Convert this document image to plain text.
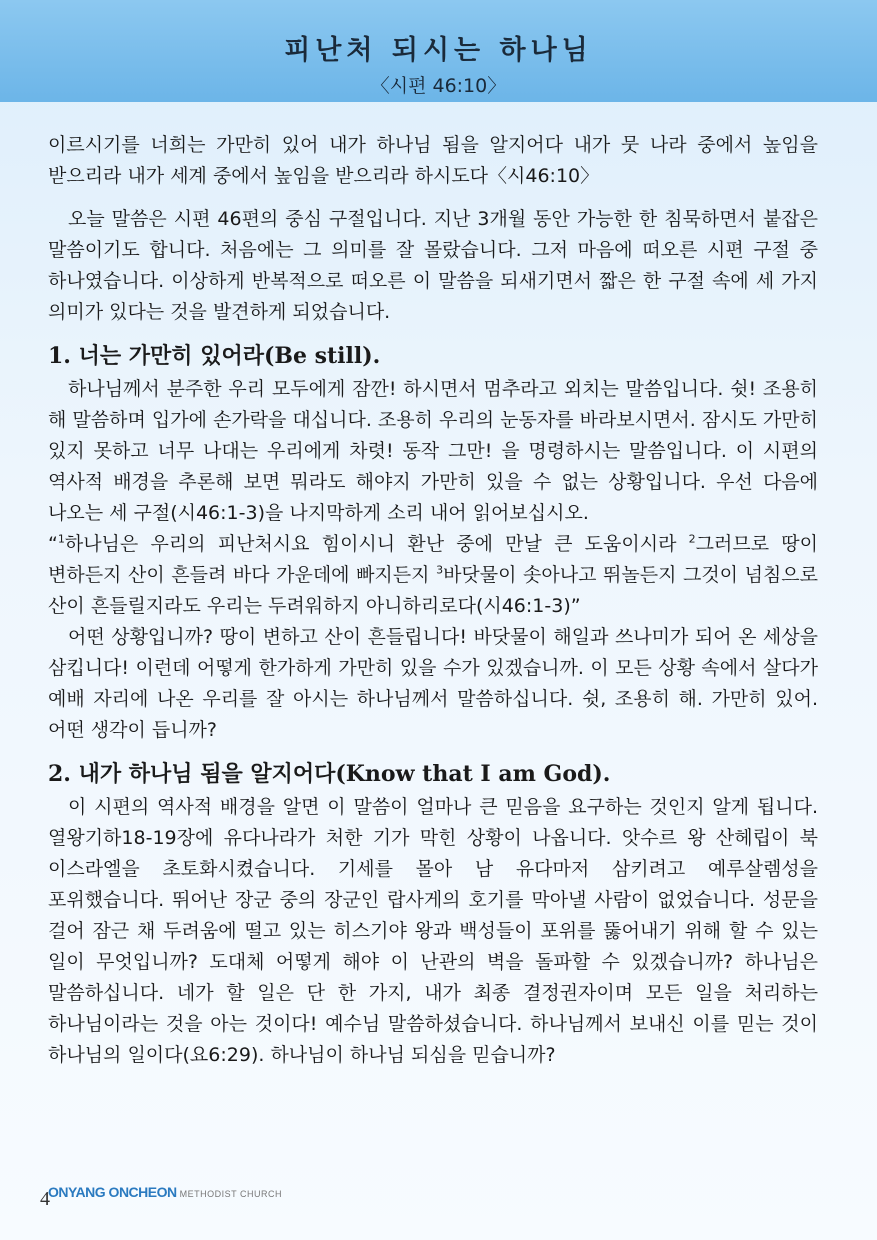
피난처 되시는 하나님
〈시편 46:10〉

이르시기를 너희는 가만히 있어 내가 하나님 됨을 알지어다 내가 뭇 나라 중에서 높임을 받으리라 내가 세계 중에서 높임을 받으리라 하시도다〈시46:10〉

오늘 말씀은 시편 46편의 중심 구절입니다. 지난 3개월 동안 가능한 한 침묵하면서 붙잡은 말씀이기도 합니다. 처음에는 그 의미를 잘 몰랐습니다. 그저 마음에 떠오른 시편 구절 중 하나였습니다. 이상하게 반복적으로 떠오른 이 말씀을 되새기면서 짧은 한 구절 속에 세 가지 의미가 있다는 것을 발견하게 되었습니다.

1. 너는 가만히 있어라(Be still).

하나님께서 분주한 우리 모두에게 잠깐! 하시면서 멈추라고 외치는 말씀입니다. 쉿! 조용히 해 말씀하며 입가에 손가락을 대십니다. 조용히 우리의 눈동자를 바라보시면서. 잠시도 가만히 있지 못하고 너무 나대는 우리에게 차렷! 동작 그만! 을 명령하시는 말씀입니다. 이 시편의 역사적 배경을 추론해 보면 뭐라도 해야지 가만히 있을 수 없는 상황입니다. 우선 다음에 나오는 세 구절(시46:1-3)을 나지막하게 소리 내어 읽어보십시오.

“$^1$하나님은 우리의 피난처시요 힘이시니 환난 중에 만날 큰 도움이시라 $^2$그러므로 땅이 변하든지 산이 흔들려 바다 가운데에 빠지든지 $^3$바닷물이 솟아나고 뛰놀든지 그것이 넘침으로 산이 흔들릴지라도 우리는 두려워하지 아니하리로다(시46:1-3)”

어떤 상황입니까? 땅이 변하고 산이 흔들립니다! 바닷물이 해일과 쓰나미가 되어 온 세상을 삼킵니다! 이런데 어떻게 한가하게 가만히 있을 수가 있겠습니까. 이 모든 상황 속에서 살다가 예배 자리에 나온 우리를 잘 아시는 하나님께서 말씀하십니다. 쉿, 조용히 해. 가만히 있어. 어떤 생각이 듭니까?

2. 내가 하나님 됨을 알지어다(Know that I am God).

이 시편의 역사적 배경을 알면 이 말씀이 얼마나 큰 믿음을 요구하는 것인지 알게 됩니다. 열왕기하18-19장에 유다나라가 처한 기가 막힌 상황이 나옵니다. 앗수르 왕 산헤립이 북 이스라엘을 초토화시켰습니다. 기세를 몰아 남 유다마저 삼키려고 예루살렘성을 포위했습니다. 뛰어난 장군 중의 장군인 랍사게의 호기를 막아낼 사람이 없었습니다. 성문을 걸어 잠근 채 두려움에 떨고 있는 히스기야 왕과 백성들이 포위를 뚫어내기 위해 할 수 있는 일이 무엇입니까? 도대체 어떻게 해야 이 난관의 벽을 돌파할 수 있겠습니까? 하나님은 말씀하십니다. 네가 할 일은 단 한 가지, 내가 최종 결정권자이며 모든 일을 처리하는 하나님이라는 것을 아는 것이다! 예수님 말씀하셨습니다. 하나님께서 보내신 이를 믿는 것이 하나님의 일이다(요6:29). 하나님이 하나님 되심을 믿습니까?

4
ONYANG ONCHEON METHODIST CHURCH
